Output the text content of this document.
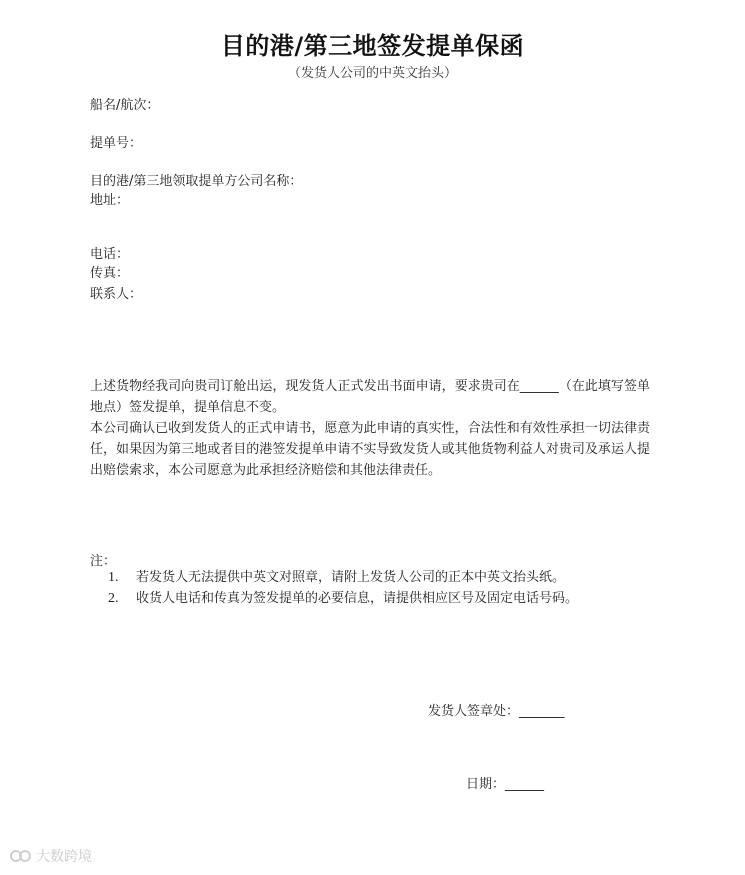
目的港/第三地签发提单保函
（发货人公司的中英文抬头）
船名/航次：
提单号：
目的港/第三地领取提单方公司名称：
地址：
电话：
传真：
联系人：
上述货物经我司向贵司订舱出运，现发货人正式发出书面申请，要求贵司在______（在此填写签单地点）签发提单，提单信息不变。
本公司确认已收到发货人的正式申请书，愿意为此申请的真实性，合法性和有效性承担一切法律责任，如果因为第三地或者目的港签发提单申请不实导致发货人或其他货物利益人对贵司及承运人提出赔偿索求，本公司愿意为此承担经济赔偿和其他法律责任。
注：
1.	若发货人无法提供中英文对照章，请附上发货人公司的正本中英文抬头纸。
2.	收货人电话和传真为签发提单的必要信息，请提供相应区号及固定电话号码。
发货人签章处：_______
日期：______
大数跨境
